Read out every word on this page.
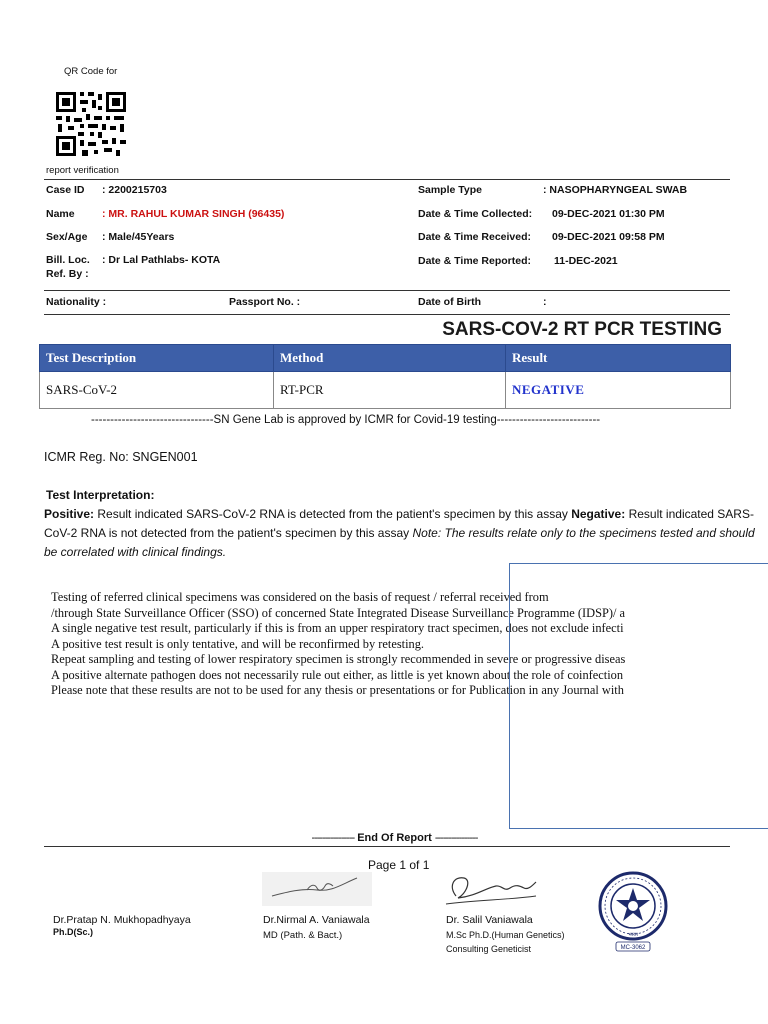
QR Code for
report verification
Case ID : 2200215703
Name	: MR. RAHUL KUMAR SINGH (96435)
Sex/Age : Male/45Years
Bill. Loc. : Dr Lal Pathlabs- KOTA
Ref. By :
Sample Type	: NASOPHARYNGEAL SWAB
Date & Time Collected: 09-DEC-2021 01:30 PM
Date & Time Received: 09-DEC-2021 09:58 PM
Date & Time Reported: 11-DEC-2021
Nationality :	Passport No. :	Date of Birth	:
SARS-COV-2 RT PCR TESTING
Test Description	Method	Result
SARS-CoV-2	RT-PCR	NEGATIVE
--------------------------------SN Gene Lab is approved by ICMR for Covid-19 testing---------------------------
ICMR Reg. No: SNGEN001
Test Interpretation:
Positive: Result indicated SARS-CoV-2 RNA is detected from the patient's specimen by this assay Negative: Result indicated SARS-CoV-2 RNA is not detected from the patient's specimen by this assay Note: The results relate only to the specimens tested and should be correlated with clinical findings.
Testing of referred clinical specimens was considered on the basis of request / referral received from
/through State Surveillance Officer (SSO) of concerned State Integrated Disease Surveillance Programme (IDSP)/ a
A single negative test result, particularly if this is from an upper respiratory tract specimen, does not exclude infecti
A positive test result is only tentative, and will be reconfirmed by retesting.
Repeat sampling and testing of lower respiratory specimen is strongly recommended in severe or progressive diseas
A positive alternate pathogen does not necessarily rule out either, as little is yet known about the role of coinfection
Please note that these results are not to be used for any thesis or presentations or for Publication in any Journal with
---------------- End Of Report ----------------
Page 1 of 1
Dr.Pratap N. Mukhopadhyaya
Ph.D(Sc.)
Dr.Nirmal A. Vaniawala
MD (Path. & Bact.)
Dr. Salil Vaniawala
M.Sc Ph.D.(Human Genetics)
Consulting Geneticist
भारत
MC-3062
